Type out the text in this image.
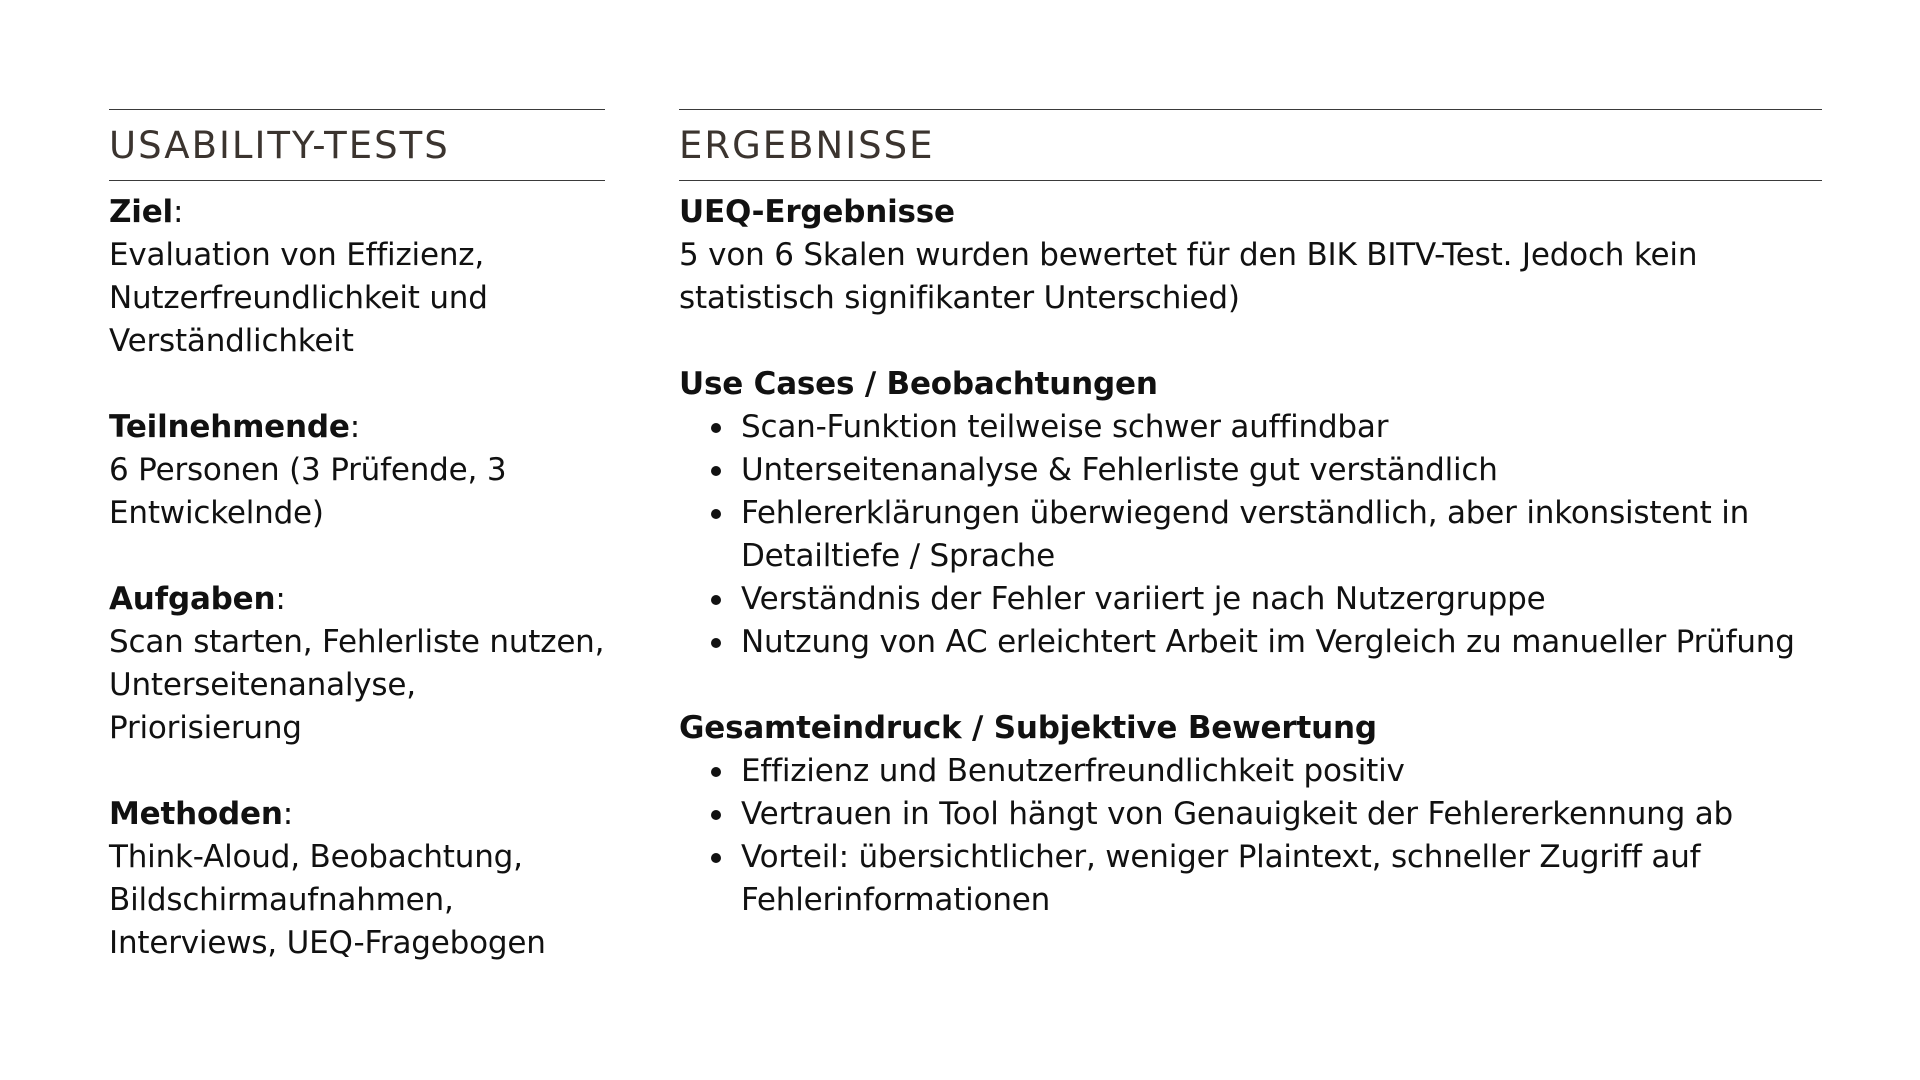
USABILITY-TESTS
Ziel:
Evaluation von Effizienz, Nutzerfreundlichkeit und Verständlichkeit
Teilnehmende:
6 Personen (3 Prüfende, 3 Entwickelnde)
Aufgaben:
Scan starten, Fehlerliste nutzen, Unterseitenanalyse, Priorisierung
Methoden:
Think-Aloud, Beobachtung, Bildschirmaufnahmen, Interviews, UEQ-Fragebogen
ERGEBNISSE
UEQ-Ergebnisse
5 von 6 Skalen wurden bewertet für den BIK BITV-Test. Jedoch kein statistisch signifikanter Unterschied)
Use Cases / Beobachtungen
Scan-Funktion teilweise schwer auffindbar
Unterseitenanalyse & Fehlerliste gut verständlich
Fehlererklärungen überwiegend verständlich, aber inkonsistent in Detailtiefe / Sprache
Verständnis der Fehler variiert je nach Nutzergruppe
Nutzung von AC erleichtert Arbeit im Vergleich zu manueller Prüfung
Gesamteindruck / Subjektive Bewertung
Effizienz und Benutzerfreundlichkeit positiv
Vertrauen in Tool hängt von Genauigkeit der Fehlererkennung ab
Vorteil: übersichtlicher, weniger Plaintext, schneller Zugriff auf Fehlerinformationen
